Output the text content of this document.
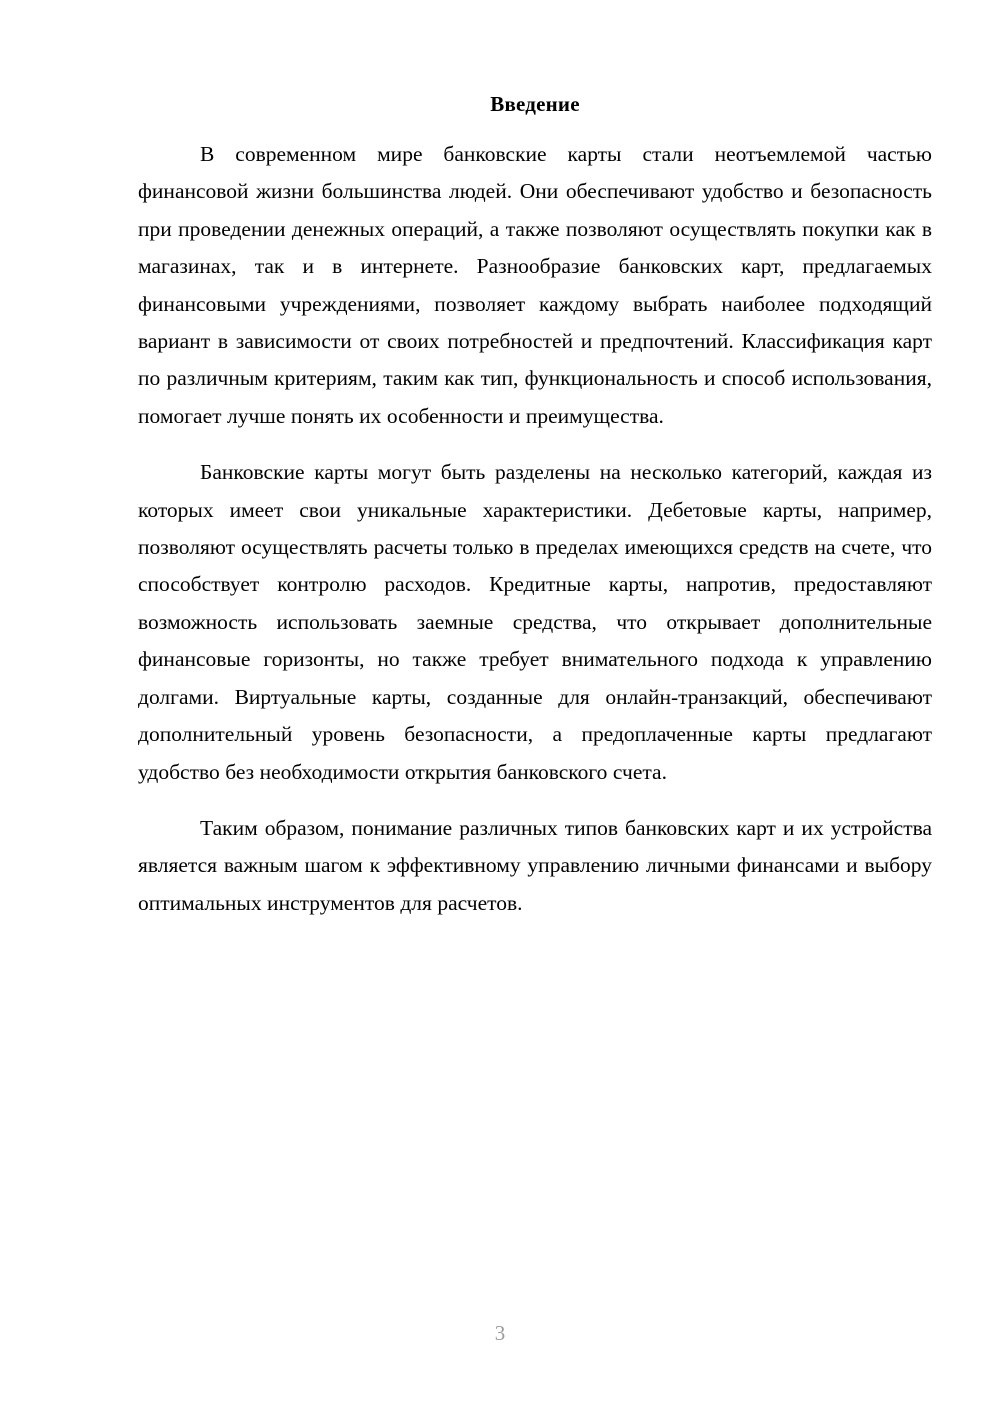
Введение

В современном мире банковские карты стали неотъемлемой частью финансовой жизни большинства людей. Они обеспечивают удобство и безопасность при проведении денежных операций, а также позволяют осуществлять покупки как в магазинах, так и в интернете. Разнообразие банковских карт, предлагаемых финансовыми учреждениями, позволяет каждому выбрать наиболее подходящий вариант в зависимости от своих потребностей и предпочтений. Классификация карт по различным критериям, таким как тип, функциональность и способ использования, помогает лучше понять их особенности и преимущества.

Банковские карты могут быть разделены на несколько категорий, каждая из которых имеет свои уникальные характеристики. Дебетовые карты, например, позволяют осуществлять расчеты только в пределах имеющихся средств на счете, что способствует контролю расходов. Кредитные карты, напротив, предоставляют возможность использовать заемные средства, что открывает дополнительные финансовые горизонты, но также требует внимательного подхода к управлению долгами. Виртуальные карты, созданные для онлайн-транзакций, обеспечивают дополнительный уровень безопасности, а предоплаченные карты предлагают удобство без необходимости открытия банковского счета.

Таким образом, понимание различных типов банковских карт и их устройства является важным шагом к эффективному управлению личными финансами и выбору оптимальных инструментов для расчетов.

3
